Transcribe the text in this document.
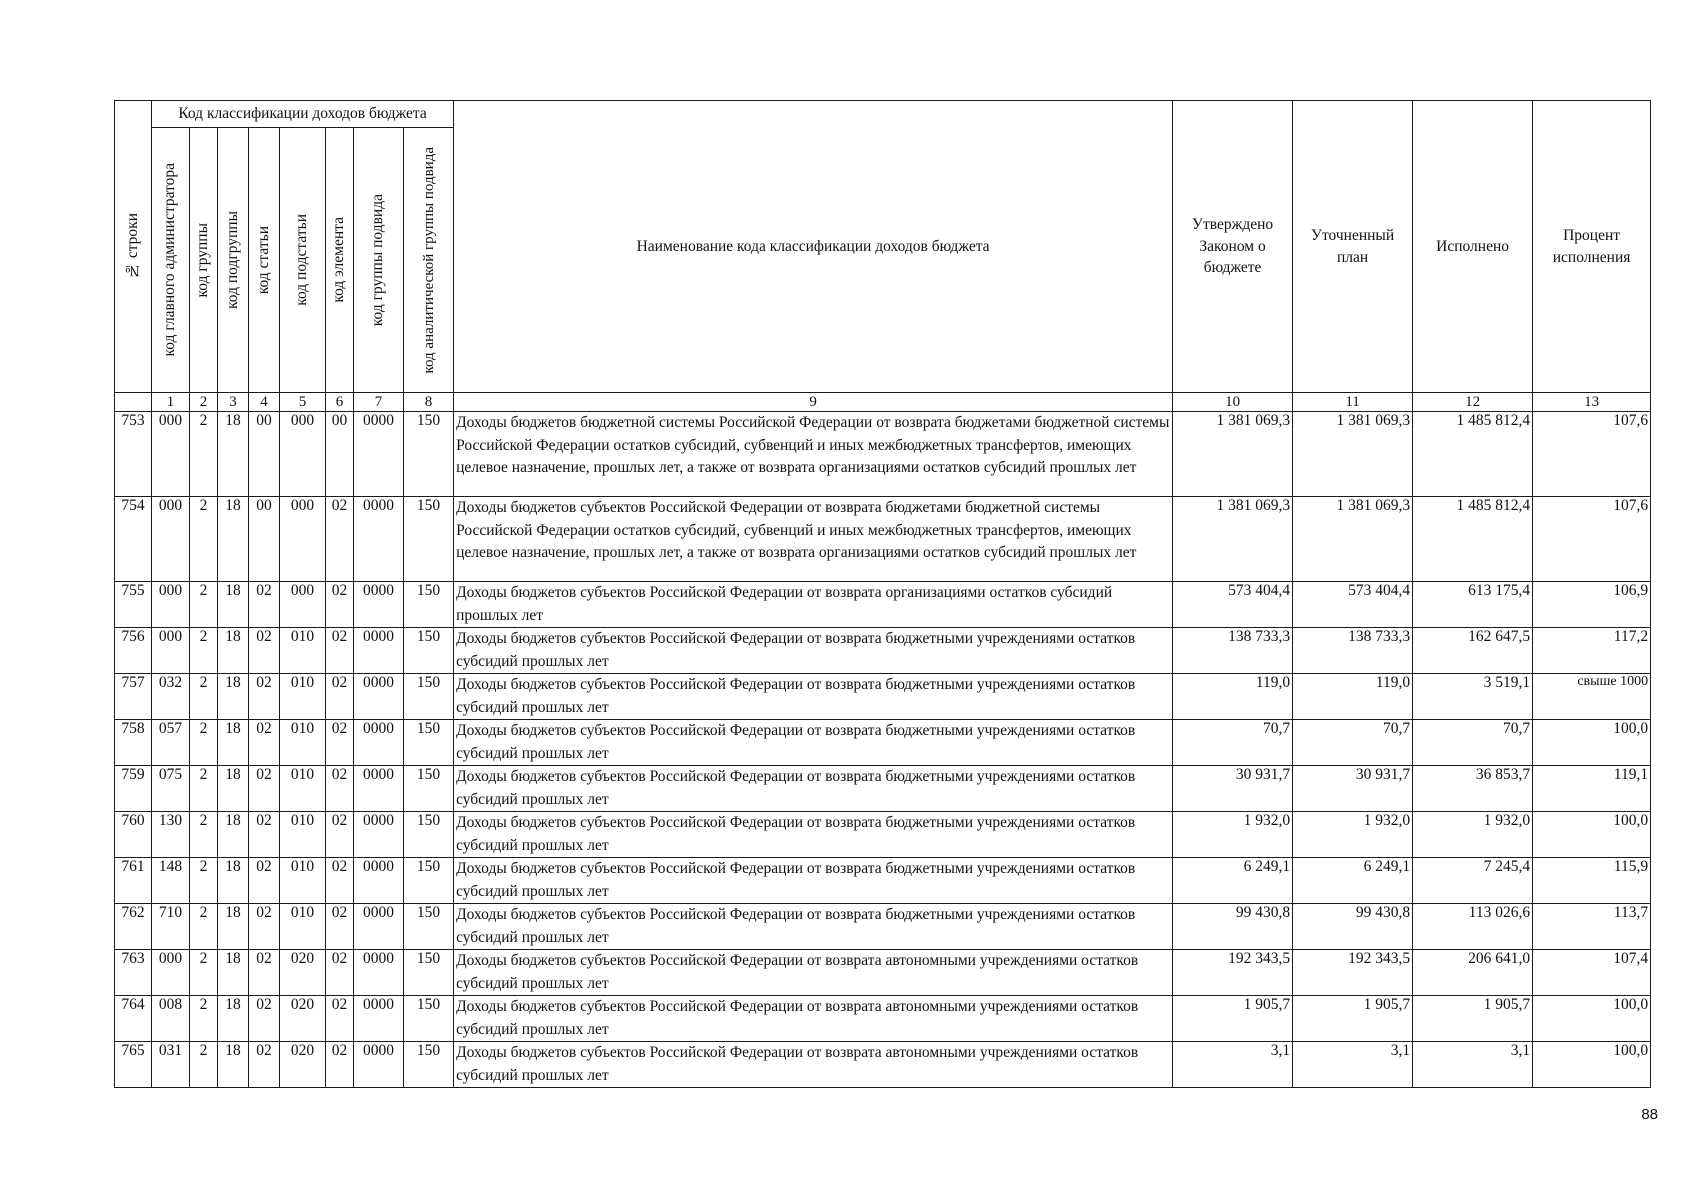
№ строки	Код классификации доходов бюджета								Наименование кода классификации доходов бюджета	Утверждено Законом о бюджете	Уточненный план	Исполнено	Процент исполнения

	код главного администратора	код группы	код подгруппы	код статьи	код подстатьи	код элемента	код группы подвида	код аналитической группы подвида					

	1	2	3	4	5	6	7	8	9	10	11	12	13
753	000	2	18	00	000	00	0000	150	Доходы бюджетов бюджетной системы Российской Федерации от возврата бюджетами бюджетной системы Российской Федерации остатков субсидий, субвенций и иных межбюджетных трансфертов, имеющих целевое назначение, прошлых лет, а также от возврата организациями остатков субсидий прошлых лет	1 381 069,3	1 381 069,3	1 485 812,4	107,6
754	000	2	18	00	000	02	0000	150	Доходы бюджетов субъектов Российской Федерации от возврата бюджетами бюджетной системы Российской Федерации остатков субсидий, субвенций и иных межбюджетных трансфертов, имеющих целевое назначение, прошлых лет, а также от возврата организациями остатков субсидий прошлых лет	1 381 069,3	1 381 069,3	1 485 812,4	107,6
755	000	2	18	02	000	02	0000	150	Доходы бюджетов субъектов Российской Федерации от возврата организациями остатков субсидий прошлых лет	573 404,4	573 404,4	613 175,4	106,9
756	000	2	18	02	010	02	0000	150	Доходы бюджетов субъектов Российской Федерации от возврата бюджетными учреждениями остатков субсидий прошлых лет	138 733,3	138 733,3	162 647,5	117,2
757	032	2	18	02	010	02	0000	150	Доходы бюджетов субъектов Российской Федерации от возврата бюджетными учреждениями остатков субсидий прошлых лет	119,0	119,0	3 519,1	свыше 1000
758	057	2	18	02	010	02	0000	150	Доходы бюджетов субъектов Российской Федерации от возврата бюджетными учреждениями остатков субсидий прошлых лет	70,7	70,7	70,7	100,0
759	075	2	18	02	010	02	0000	150	Доходы бюджетов субъектов Российской Федерации от возврата бюджетными учреждениями остатков субсидий прошлых лет	30 931,7	30 931,7	36 853,7	119,1
760	130	2	18	02	010	02	0000	150	Доходы бюджетов субъектов Российской Федерации от возврата бюджетными учреждениями остатков субсидий прошлых лет	1 932,0	1 932,0	1 932,0	100,0
761	148	2	18	02	010	02	0000	150	Доходы бюджетов субъектов Российской Федерации от возврата бюджетными учреждениями остатков субсидий прошлых лет	6 249,1	6 249,1	7 245,4	115,9
762	710	2	18	02	010	02	0000	150	Доходы бюджетов субъектов Российской Федерации от возврата бюджетными учреждениями остатков субсидий прошлых лет	99 430,8	99 430,8	113 026,6	113,7
763	000	2	18	02	020	02	0000	150	Доходы бюджетов субъектов Российской Федерации от возврата автономными учреждениями остатков субсидий прошлых лет	192 343,5	192 343,5	206 641,0	107,4
764	008	2	18	02	020	02	0000	150	Доходы бюджетов субъектов Российской Федерации от возврата автономными учреждениями остатков субсидий прошлых лет	1 905,7	1 905,7	1 905,7	100,0
765	031	2	18	02	020	02	0000	150	Доходы бюджетов субъектов Российской Федерации от возврата автономными учреждениями остатков субсидий прошлых лет	3,1	3,1	3,1	100,0
88
